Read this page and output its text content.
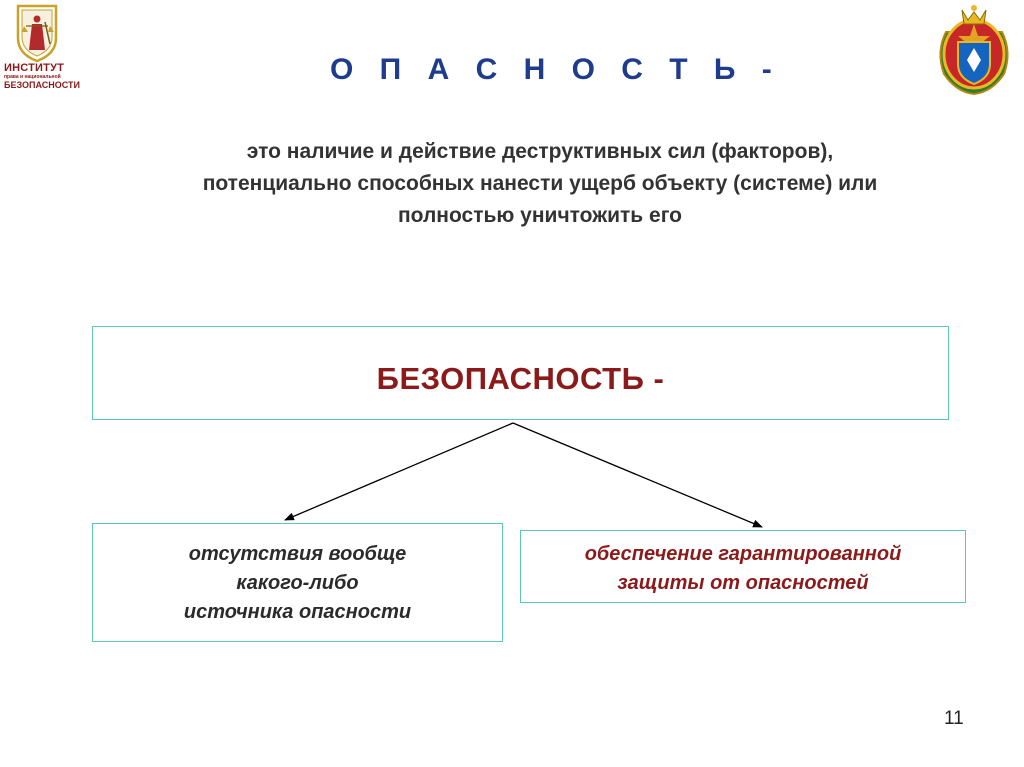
ИНСТИТУТ
права и национальной
БЕЗОПАСНОСТИ	О П А С Н О С Т Ь -
это наличие и действие деструктивных сил (факторов),
потенциально способных нанести ущерб объекту (системе) или
полностью уничтожить его
БЕЗОПАСНОСТЬ -
отсутствия вообще
какого-либо
источника опасности
обеспечение гарантированной
защиты от опасностей
11
